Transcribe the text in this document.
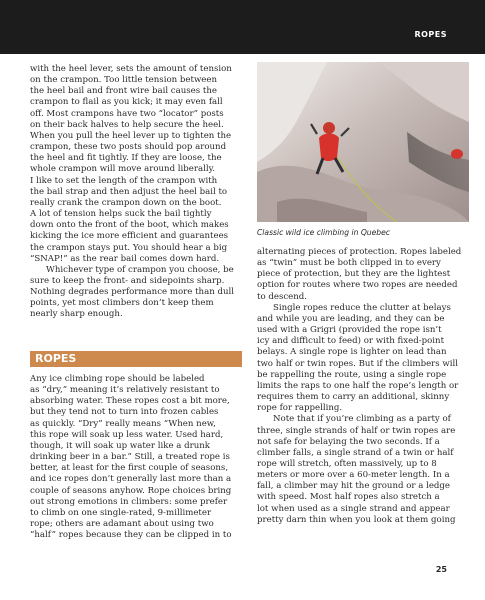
ROPES

with the heel lever, sets the amount of tension
on the crampon. Too little tension between
the heel bail and front wire bail causes the
crampon to flail as you kick; it may even fall
off. Most crampons have two “locator” posts
on their back halves to help secure the heel.
When you pull the heel lever up to tighten the
crampon, these two posts should pop around
the heel and fit tightly. If they are loose, the
whole crampon will move around liberally.
I like to set the length of the crampon with
the bail strap and then adjust the heel bail to
really crank the crampon down on the boot.
A lot of tension helps suck the bail tightly
down onto the front of the boot, which makes
kicking the ice more efficient and guarantees
the crampon stays put. You should hear a big
“SNAP!” as the rear bail comes down hard.

Whichever type of crampon you choose, be
sure to keep the front- and sidepoints sharp.
Nothing degrades performance more than dull
points, yet most climbers don’t keep them
nearly sharp enough.

ROPES

Any ice climbing rope should be labeled
as “dry,” meaning it’s relatively resistant to
absorbing water. These ropes cost a bit more,
but they tend not to turn into frozen cables
as quickly. “Dry” really means “When new,
this rope will soak up less water. Used hard,
though, it will soak up water like a drunk
drinking beer in a bar.” Still, a treated rope is
better, at least for the first couple of seasons,
and ice ropes don’t generally last more than a
couple of seasons anyhow. Rope choices bring
out strong emotions in climbers: some prefer
to climb on one single-rated, 9-millimeter
rope; others are adamant about using two
“half” ropes because they can be clipped in to

Classic wild ice climbing in Quebec

alternating pieces of protection. Ropes labeled
as “twin” must be both clipped in to every
piece of protection, but they are the lightest
option for routes where two ropes are needed
to descend.

Single ropes reduce the clutter at belays
and while you are leading, and they can be
used with a Grigri (provided the rope isn’t
icy and difficult to feed) or with fixed-point
belays. A single rope is lighter on lead than
two half or twin ropes. But if the climbers will
be rappelling the route, using a single rope
limits the raps to one half the rope’s length or
requires them to carry an additional, skinny
rope for rappelling.

Note that if you’re climbing as a party of
three, single strands of half or twin ropes are
not safe for belaying the two seconds. If a
climber falls, a single strand of a twin or half
rope will stretch, often massively, up to 8
meters or more over a 60-meter length. In a
fall, a climber may hit the ground or a ledge
with speed. Most half ropes also stretch a
lot when used as a single strand and appear
pretty darn thin when you look at them going

25
